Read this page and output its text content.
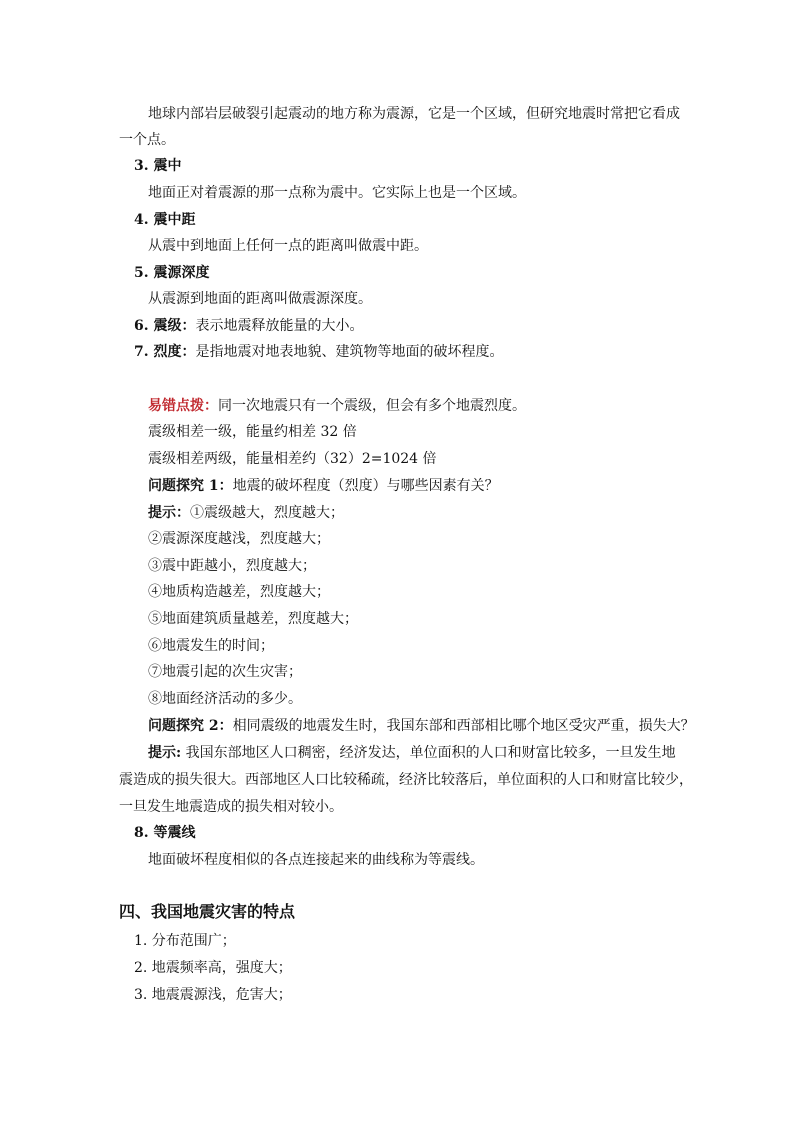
地球内部岩层破裂引起震动的地方称为震源，它是一个区域，但研究地震时常把它看成
一个点。
3. 震中
地面正对着震源的那一点称为震中。它实际上也是一个区域。
4. 震中距
从震中到地面上任何一点的距离叫做震中距。
5. 震源深度
从震源到地面的距离叫做震源深度。
6. 震级：表示地震释放能量的大小。
7. 烈度：是指地震对地表地貌、建筑物等地面的破坏程度。
易错点拨：同一次地震只有一个震级，但会有多个地震烈度。
震级相差一级，能量约相差 32 倍
震级相差两级，能量相差约（32）2=1024 倍
问题探究 1：地震的破坏程度（烈度）与哪些因素有关？
提示：①震级越大，烈度越大；
②震源深度越浅，烈度越大；
③震中距越小，烈度越大；
④地质构造越差，烈度越大；
⑤地面建筑质量越差，烈度越大；
⑥地震发生的时间；
⑦地震引起的次生灾害；
⑧地面经济活动的多少。
问题探究 2：相同震级的地震发生时，我国东部和西部相比哪个地区受灾严重，损失大？
提示: 我国东部地区人口稠密，经济发达，单位面积的人口和财富比较多，一旦发生地
震造成的损失很大。西部地区人口比较稀疏，经济比较落后，单位面积的人口和财富比较少，
一旦发生地震造成的损失相对较小。
8. 等震线
地面破坏程度相似的各点连接起来的曲线称为等震线。
四、我国地震灾害的特点
1. 分布范围广；
2. 地震频率高，强度大；
3. 地震震源浅，危害大；
